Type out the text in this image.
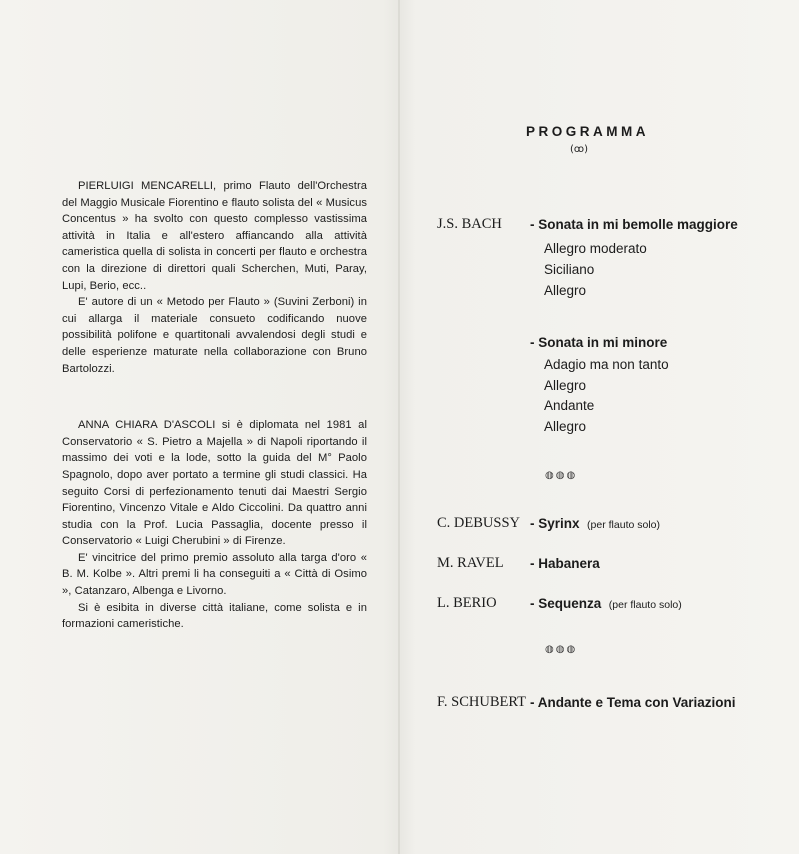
PIERLUIGI MENCARELLI, primo Flauto dell'Orchestra del Maggio Musicale Fiorentino e flauto solista del « Musicus Concentus » ha svolto con questo complesso vastissima attività in Italia e all'estero affiancando alla attività cameristica quella di solista in concerti per flauto e orchestra con la direzione di direttori quali Scherchen, Muti, Paray, Lupi, Berio, ecc..

E' autore di un « Metodo per Flauto » (Suvini Zerboni) in cui allarga il materiale consueto codificando nuove possibilità polifone e quartitonali avvalendosi degli studi e delle esperienze maturate nella collaborazione con Bruno Bartolozzi.

ANNA CHIARA D'ASCOLI si è diplomata nel 1981 al Conservatorio « S. Pietro a Majella » di Napoli riportando il massimo dei voti e la lode, sotto la guida del M° Paolo Spagnolo, dopo aver portato a termine gli studi classici. Ha seguito Corsi di perfezionamento tenuti dai Maestri Sergio Fiorentino, Vincenzo Vitale e Aldo Ciccolini. Da quattro anni studia con la Prof. Lucia Passaglia, docente presso il Conservatorio « Luigi Cherubini » di Firenze.

E' vincitrice del primo premio assoluto alla targa d'oro « B. M. Kolbe ». Altri premi li ha conseguiti a « Città di Osimo », Catanzaro, Albenga e Livorno.

Si è esibita in diverse città italiane, come solista e in formazioni cameristiche.

PROGRAMMA
(ꝏ)
J.S. BACH - Sonata in mi bemolle maggiore
Allegro moderato
Siciliano
Allegro
- Sonata in mi minore
Adagio ma non tanto
Allegro
Andante
Allegro
◍◍◍
C. DEBUSSY - Syrinx (per flauto solo)
M. RAVEL - Habanera
L. BERIO - Sequenza (per flauto solo)
◍◍◍
F. SCHUBERT - Andante e Tema con Variazioni
